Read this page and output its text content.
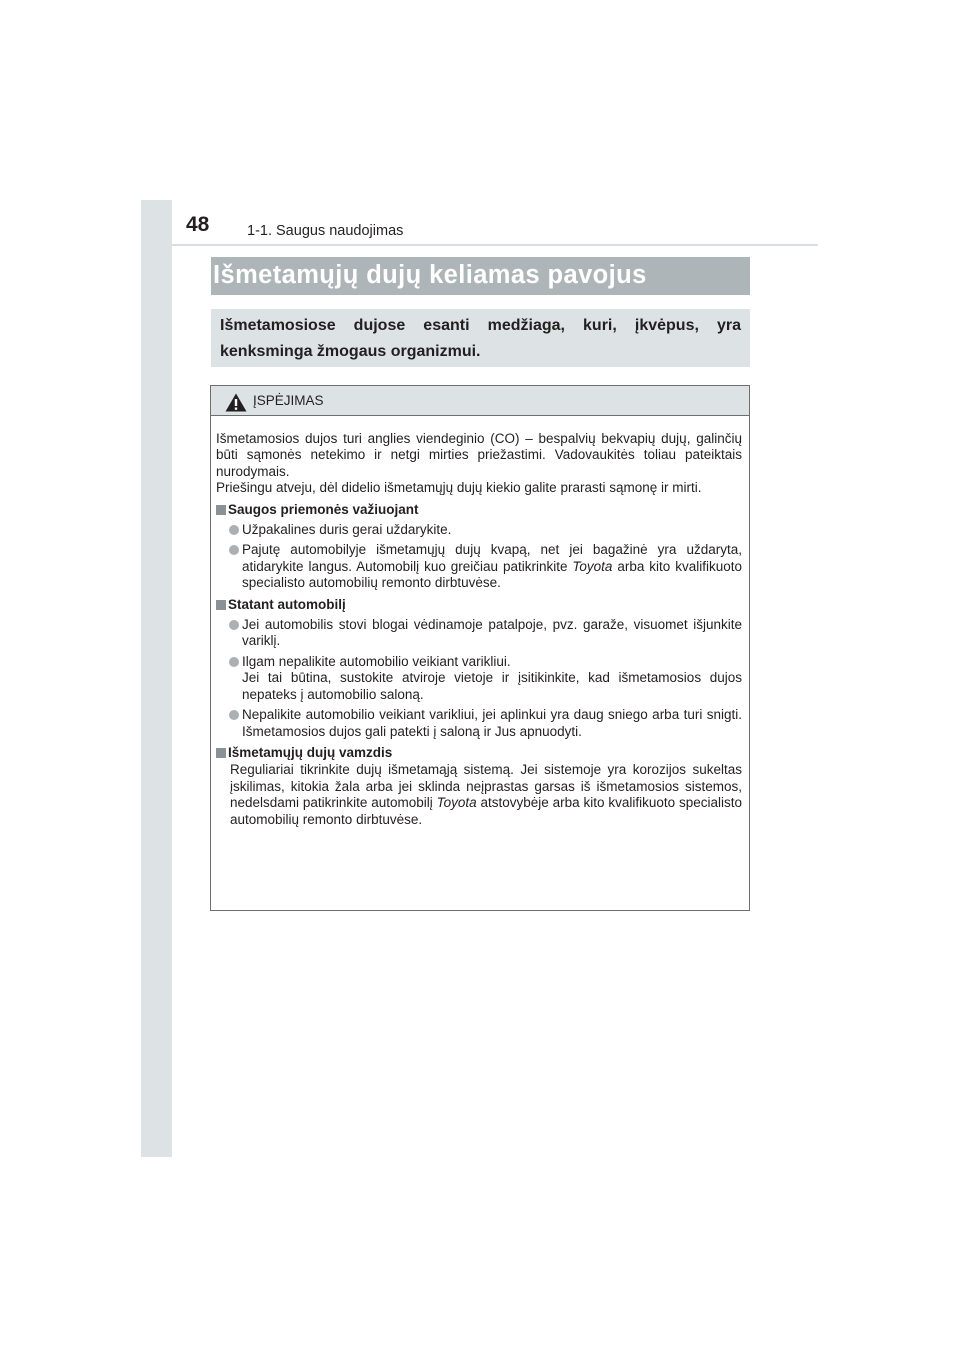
48	1-1. Saugus naudojimas
Išmetamųjų dujų keliamas pavojus
Išmetamosiose dujose esanti medžiaga, kuri, įkvėpus, yra kenksminga žmogaus organizmui.
ĮSPĖJIMAS

Išmetamosios dujos turi anglies viendeginio (CO) – bespalvių bekvapių dujų, galinčių būti sąmonės netekimo ir netgi mirties priežastimi. Vadovaukitės toliau pateiktais nurodymais.

Priešingu atveju, dėl didelio išmetamųjų dujų kiekio galite prarasti sąmonę ir mirti.

Saugos priemonės važiuojant
Užpakalines duris gerai uždarykite.
Pajutę automobilyje išmetamųjų dujų kvapą, net jei bagažinė yra uždaryta, atidarykite langus. Automobilį kuo greičiau patikrinkite Toyota arba kito kvalifikuoto specialisto automobilių remonto dirbtuvėse.
Statant automobilį
Jei automobilis stovi blogai vėdinamoje patalpoje, pvz. garaže, visuomet išjunkite variklį.
Ilgam nepalikite automobilio veikiant varikliui.
Jei tai būtina, sustokite atviroje vietoje ir įsitikinkite, kad išmetamosios dujos nepateks į automobilio saloną.
Nepalikite automobilio veikiant varikliui, jei aplinkui yra daug sniego arba turi snigti. Išmetamosios dujos gali patekti į saloną ir Jus apnuodyti.
Išmetamųjų dujų vamzdis
Reguliariai tikrinkite dujų išmetamąją sistemą. Jei sistemoje yra korozijos sukeltas įskilimas, kitokia žala arba jei sklinda neįprastas garsas iš išmetamosios sistemos, nedelsdami patikrinkite automobilį Toyota atstovybėje arba kito kvalifikuoto specialisto automobilių remonto dirbtuvėse.
